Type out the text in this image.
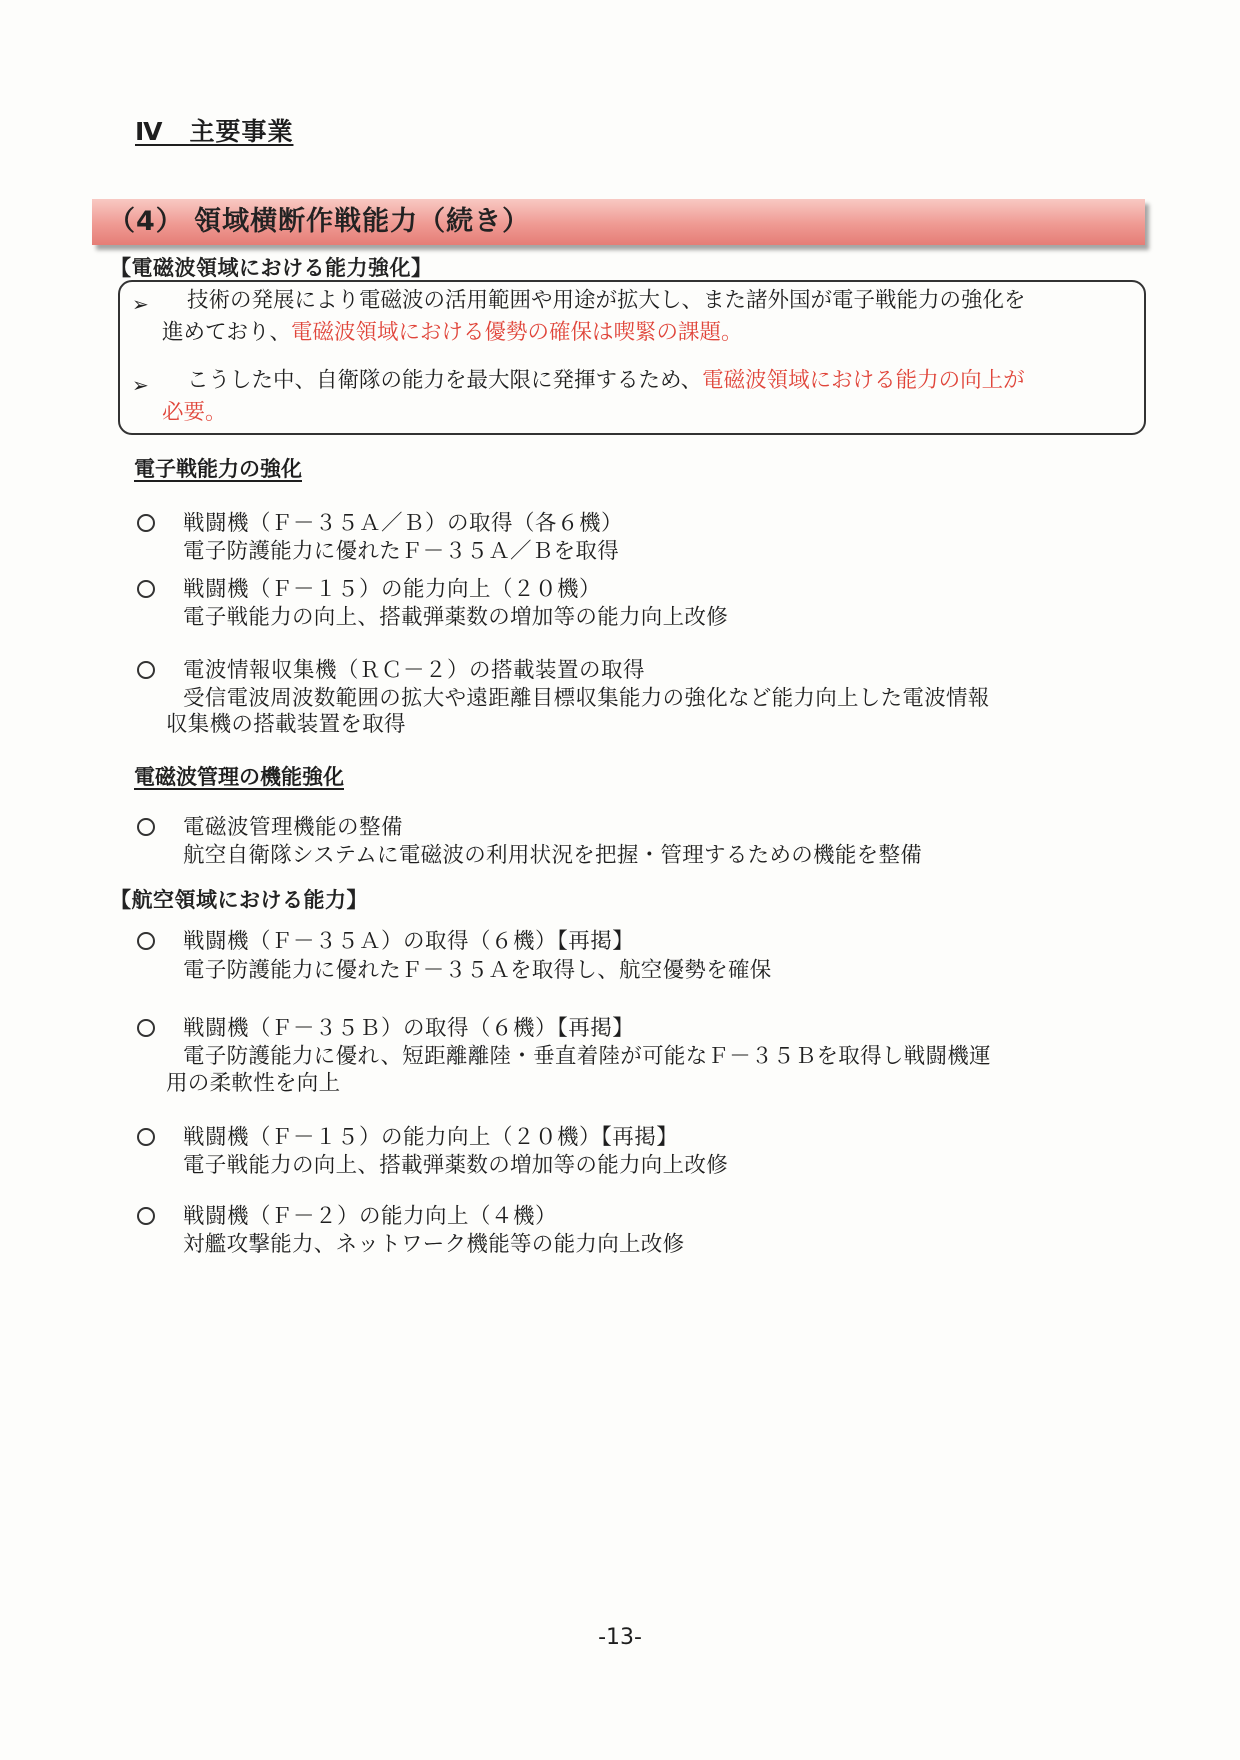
Ⅳ　主要事業
（4） 領域横断作戦能力（続き）
【電磁波領域における能力強化】
➢ 技術の発展により電磁波の活用範囲や用途が拡大し、また諸外国が電子戦能力の強化を
進めており、電磁波領域における優勢の確保は喫緊の課題。
➢ こうした中、自衛隊の能力を最大限に発揮するため、電磁波領域における能力の向上が
必要。
電子戦能力の強化
戦闘機（Ｆ－３５Ａ／Ｂ）の取得（各６機）
電子防護能力に優れたＦ－３５Ａ／Ｂを取得
戦闘機（Ｆ－１５）の能力向上（２０機）
電子戦能力の向上、搭載弾薬数の増加等の能力向上改修
電波情報収集機（ＲＣ－２）の搭載装置の取得
受信電波周波数範囲の拡大や遠距離目標収集能力の強化など能力向上した電波情報
収集機の搭載装置を取得
電磁波管理の機能強化
電磁波管理機能の整備
航空自衛隊システムに電磁波の利用状況を把握・管理するための機能を整備
【航空領域における能力】
戦闘機（Ｆ－３５Ａ）の取得（６機）【再掲】
電子防護能力に優れたＦ－３５Ａを取得し、航空優勢を確保
戦闘機（Ｆ－３５Ｂ）の取得（６機）【再掲】
電子防護能力に優れ、短距離離陸・垂直着陸が可能なＦ－３５Ｂを取得し戦闘機運
用の柔軟性を向上
戦闘機（Ｆ－１５）の能力向上（２０機）【再掲】
電子戦能力の向上、搭載弾薬数の増加等の能力向上改修
戦闘機（Ｆ－２）の能力向上（４機）
対艦攻撃能力、ネットワーク機能等の能力向上改修
-13-
